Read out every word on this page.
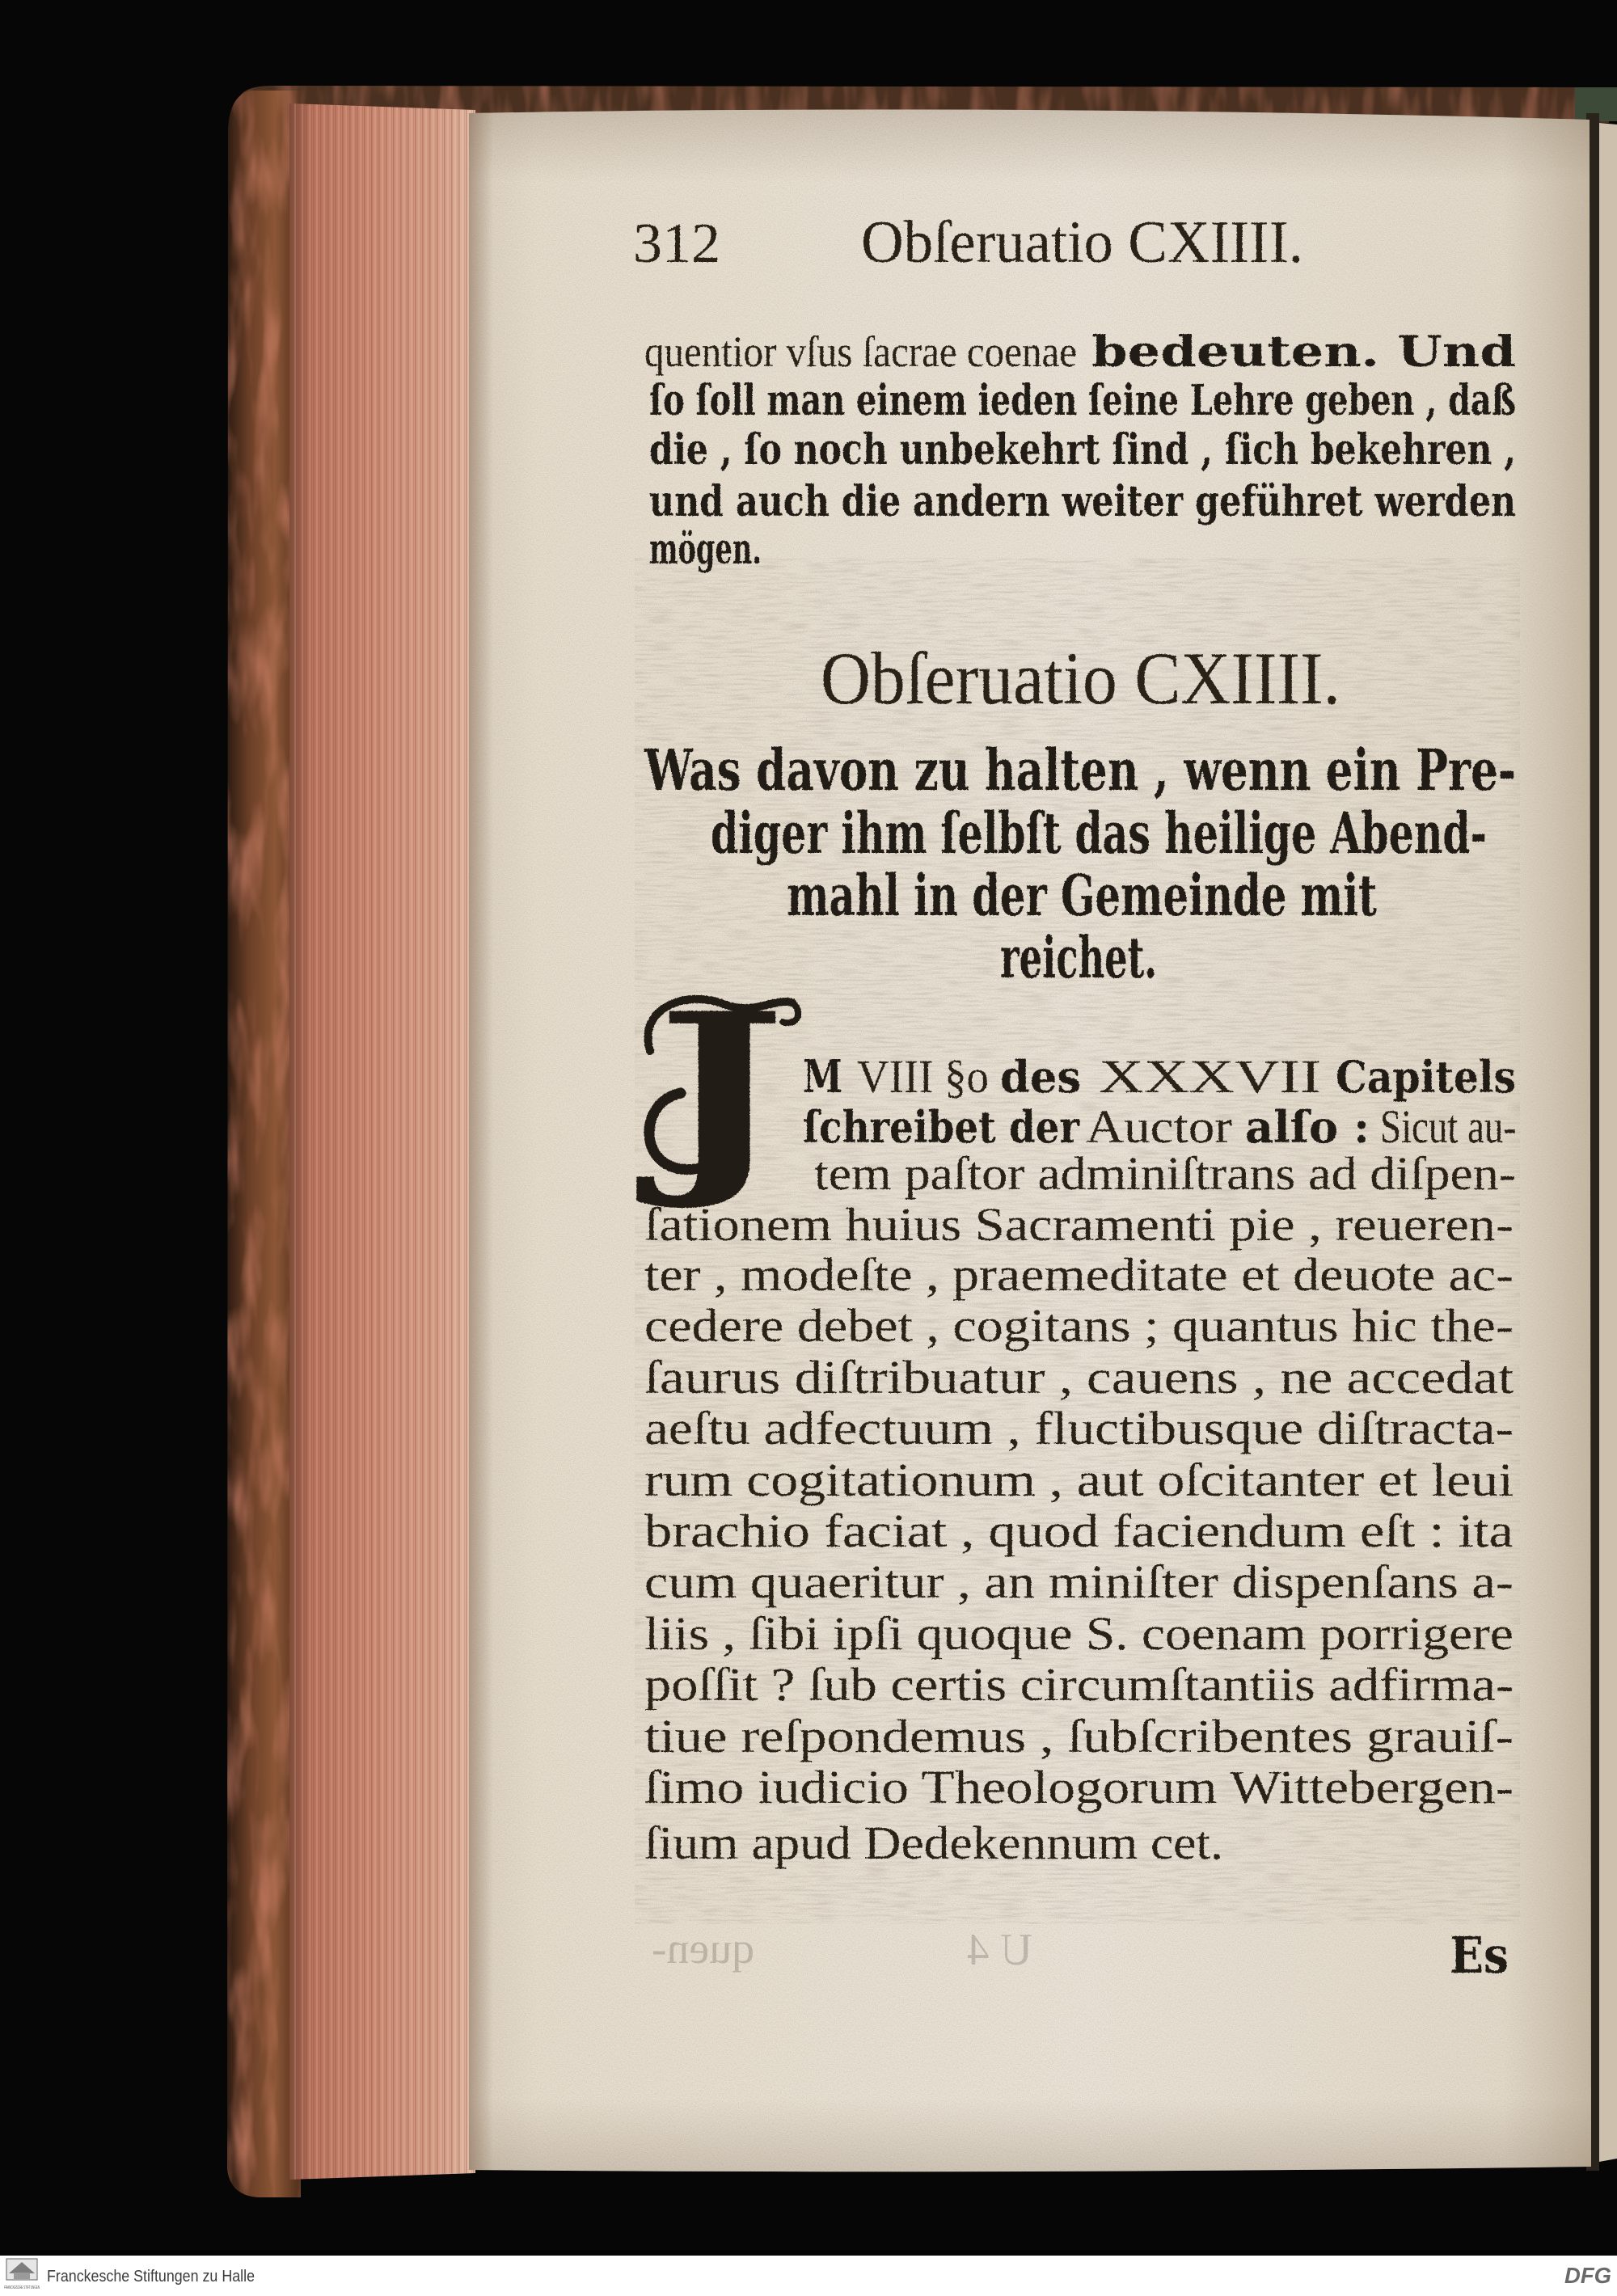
312 Obſeruatio CXIIII.
quentior vſus ſacrae coenae bedeuten. Und
ſo ſoll man einem ieden ſeine Lehre geben , daß
die , ſo noch unbekehrt ſind , ſich bekehren ,
und auch die andern weiter geführet werden
mögen.
Obſeruatio CXIIII.
Was davon zu halten , wenn ein Pre-
diger ihm ſelbſt das heilige Abend-
mahl in der Gemeinde mit
reichet.
J M VIII §o des XXXVII Capitels
ſchreibet der Auctor alſo : Sicut au-
tem paſtor adminiſtrans ad diſpen-
ſationem huius Sacramenti pie , reueren-
ter , modeſte , praemeditate et deuote ac-
cedere debet , cogitans ; quantus hic the-
ſaurus diſtribuatur , cauens , ne accedat
aeſtu adfectuum , fluctibusque diſtracta-
rum cogitationum , aut oſcitanter et leui
brachio faciat , quod faciendum eſt : ita
cum quaeritur , an miniſter dispenſans a-
liis , ſibi ipſi quoque S. coenam porrigere
poſſit ? ſub certis circumſtantiis adfirma-
tiue reſpondemus , ſubſcribentes grauiſ-
ſimo iudicio Theologorum Wittebergen-
ſium apud Dedekennum cet.
Es
quen-	U 4
FRANCKESCHE STIFTUNGEN
Franckesche Stiftungen zu Halle	DFG
